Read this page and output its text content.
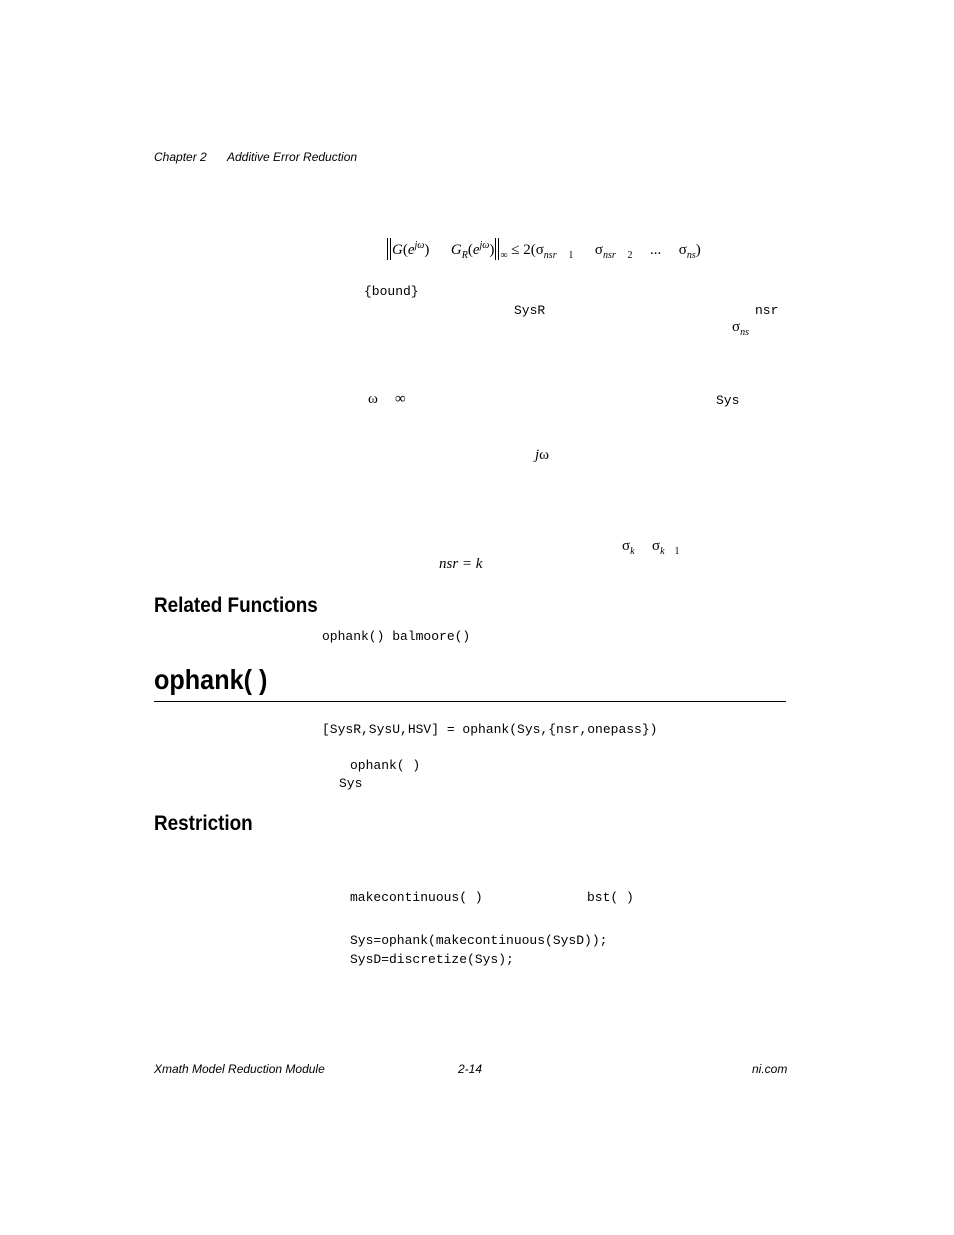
Chapter 2 Additive Error Reduction
$‖G(e^{j\omega})$  $G_R(e^{j\omega})‖_\infty \le 2(\sigma_{nsr}$ $_1$ $\sigma_{nsr}$ $_2$ ... $\sigma_{ns}$)
{bound}
SysR	nsr
$\sigma_{ns}$
ω ∞	Sys
jω
$\sigma_k$ $\sigma_k$ $_1$
nsr = k
Related Functions
ophank() balmoore()
ophank( )
[SysR,SysU,HSV] = ophank(Sys,{nsr,onepass})
ophank( )
Sys
Restriction
makecontinuous( )	bst( )
Sys=ophank(makecontinuous(SysD));
SysD=discretize(Sys);
Xmath Model Reduction Module	2-14	ni.com
